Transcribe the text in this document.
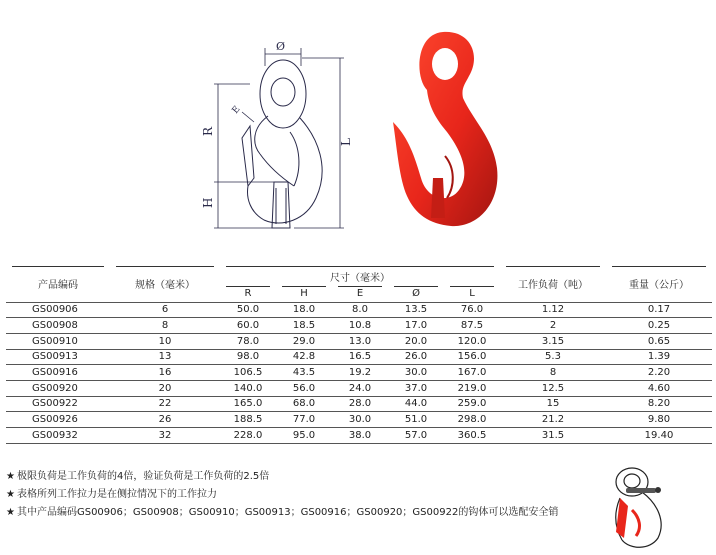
Ø
R
H
L
E
产品编码	规格（毫米）	尺寸（毫米）					工作负荷（吨）	重量（公斤）
		R	H	E	Ø	L		
GS00906	6	50.0	18.0	8.0	13.5	76.0	1.12	0.17
GS00908	8	60.0	18.5	10.8	17.0	87.5	2	0.25
GS00910	10	78.0	29.0	13.0	20.0	120.0	3.15	0.65
GS00913	13	98.0	42.8	16.5	26.0	156.0	5.3	1.39
GS00916	16	106.5	43.5	19.2	30.0	167.0	8	2.20
GS00920	20	140.0	56.0	24.0	37.0	219.0	12.5	4.60
GS00922	22	165.0	68.0	28.0	44.0	259.0	15	8.20
GS00926	26	188.5	77.0	30.0	51.0	298.0	21.2	9.80
GS00932	32	228.0	95.0	38.0	57.0	360.5	31.5	19.40
★ 极限负荷是工作负荷的4倍，验证负荷是工作负荷的2.5倍
★ 表格所列工作拉力是在侧拉情况下的工作拉力
★ 其中产品编码GS00906；GS00908；GS00910；GS00913；GS00916；GS00920；GS00922的钩体可以选配安全销
